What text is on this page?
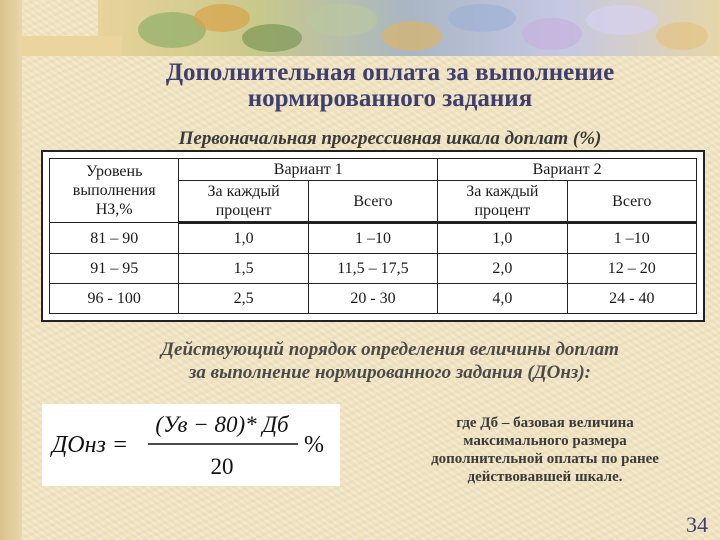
Дополнительная оплата за выполнение
нормированного задания
Первоначальная прогрессивная шкала доплат (%)
Уровень выполнения НЗ,%	Вариант 1		Вариант 2	
	За каждый процент	Всего	За каждый процент	Всего
81 – 90	1,0	1 –10	1,0	1 –10
91 – 95	1,5	11,5 – 17,5	2,0	12 – 20
96 - 100	2,5	20 - 30	4,0	24 - 40
Действующий порядок определения величины доплат
за выполнение нормированного задания (ДОнз):
ДОнз =
(Ув − 80)* Дб
20
%
где Дб – базовая величина
максимального размера
дополнительной оплаты по ранее
действовавшей шкале.
34
